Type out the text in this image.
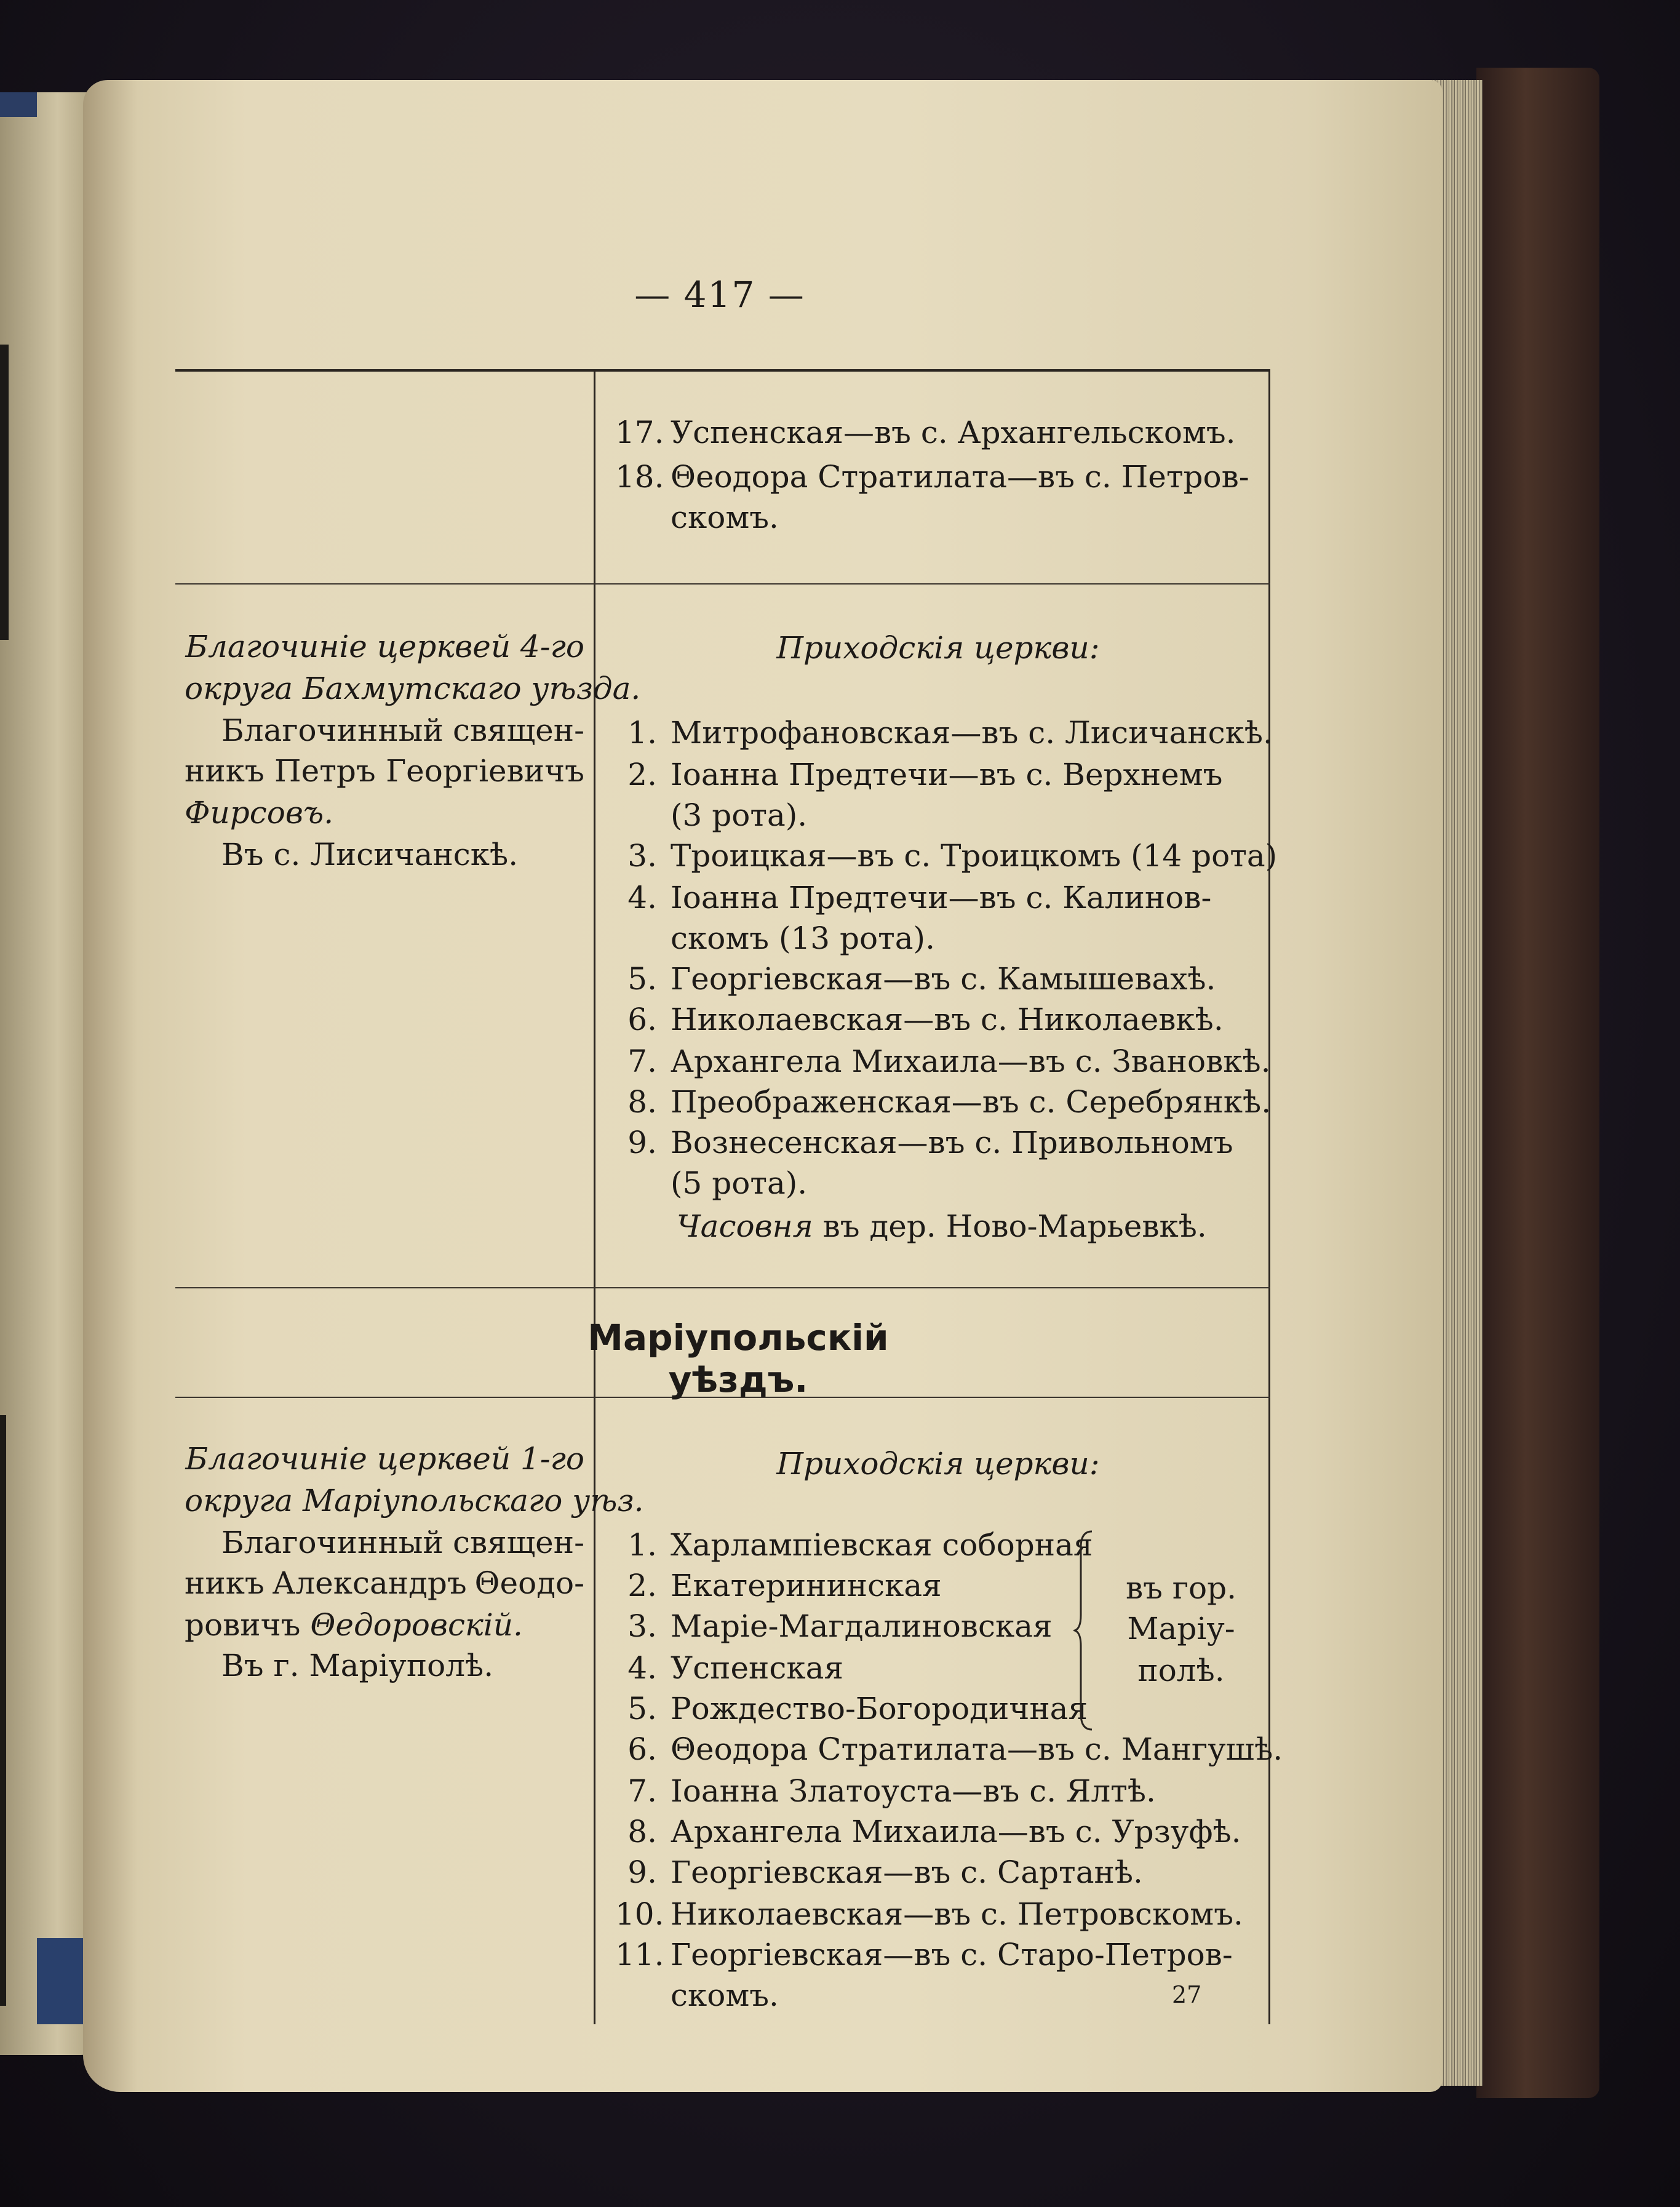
— 417 —
17. Успенская—въ с. Архангельскомъ.
18. Θеодора Стратилата—въ с. Петров-
скомъ.
Благочиніе церквей 4-го
округа Бахмутскаго уѣзда.
Благочинный священ-
никъ Петръ Георгіевичъ
Фирсовъ.
Въ с. Лисичанскѣ.
Приходскія церкви:
1. Митрофановская—въ с. Лисичанскѣ.
2. Іоанна Предтечи—въ с. Верхнемъ
(3 рота).
3. Троицкая—въ с. Троицкомъ (14 рота)
4. Іоанна Предтечи—въ с. Калинов-
скомъ (13 рота).
5. Георгіевская—въ с. Камышевахѣ.
6. Николаевская—въ с. Николаевкѣ.
7. Архангела Михаила—въ с. Звановкѣ.
8. Преображенская—въ с. Серебрянкѣ.
9. Вознесенская—въ с. Привольномъ
(5 рота).
Часовня въ дер. Ново-Марьевкѣ.
Маріупольскій уѣздъ.
Благочиніе церквей 1-го
округа Маріупольскаго уѣз.
Благочинный священ-
никъ Александръ Θеодо-
ровичъ Θедоровскій.
Въ г. Маріуполѣ.
Приходскія церкви:
1. Харлампіевская соборная
2. Екатерининская
3. Маріе-Магдалиновская
4. Успенская
5. Рождество-Богородичная
въ гор.
Маріу-
полѣ.
6. Θеодора Стратилата—въ с. Мангушѣ.
7. Іоанна Златоуста—въ с. Ялтѣ.
8. Архангела Михаила—въ с. Урзуфѣ.
9. Георгіевская—въ с. Сартанѣ.
10. Николаевская—въ с. Петровскомъ.
11. Георгіевская—въ с. Старо-Петров-
скомъ.	27
